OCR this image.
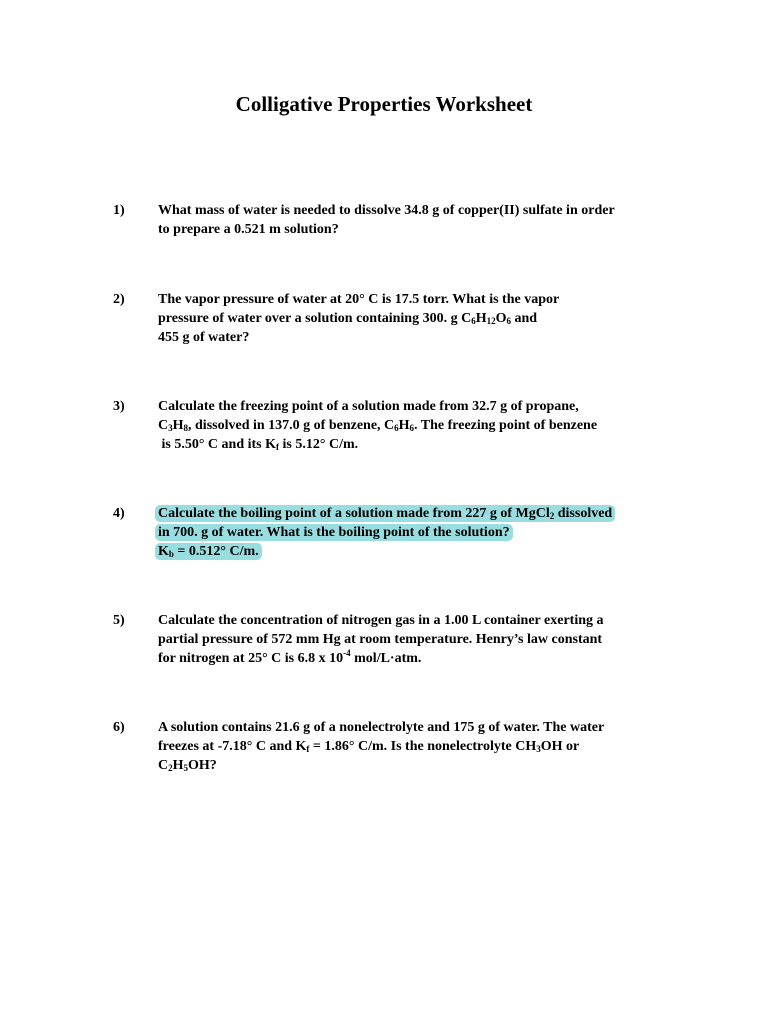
Colligative Properties Worksheet
1) What mass of water is needed to dissolve 34.8 g of copper(II) sulfate in order
to prepare a 0.521 m solution?
2) The vapor pressure of water at 20° C is 17.5 torr. What is the vapor
pressure of water over a solution containing 300. g $C_6H_{12}O_6$ and
455 g of water?
3) Calculate the freezing point of a solution made from 32.7 g of propane,
$C_3H_8$, dissolved in 137.0 g of benzene, $C_6H_6$. The freezing point of benzene
is 5.50° C and its $K_f$ is 5.12° C/m.
4) Calculate the boiling point of a solution made from 227 g of MgCl$_2$ dissolved
in 700. g of water. What is the boiling point of the solution?
$K_b = 0.512^\circ$ C/m.
5) Calculate the concentration of nitrogen gas in a 1.00 L container exerting a
partial pressure of 572 mm Hg at room temperature. Henry’s law constant
for nitrogen at 25° C is 6.8 x $10^{-4}$ mol/L·atm.
6) A solution contains 21.6 g of a nonelectrolyte and 175 g of water. The water
freezes at -7.18° C and $K_f = 1.86^\circ$ C/m. Is the nonelectrolyte $CH_3OH$ or
$C_2H_5OH$?
